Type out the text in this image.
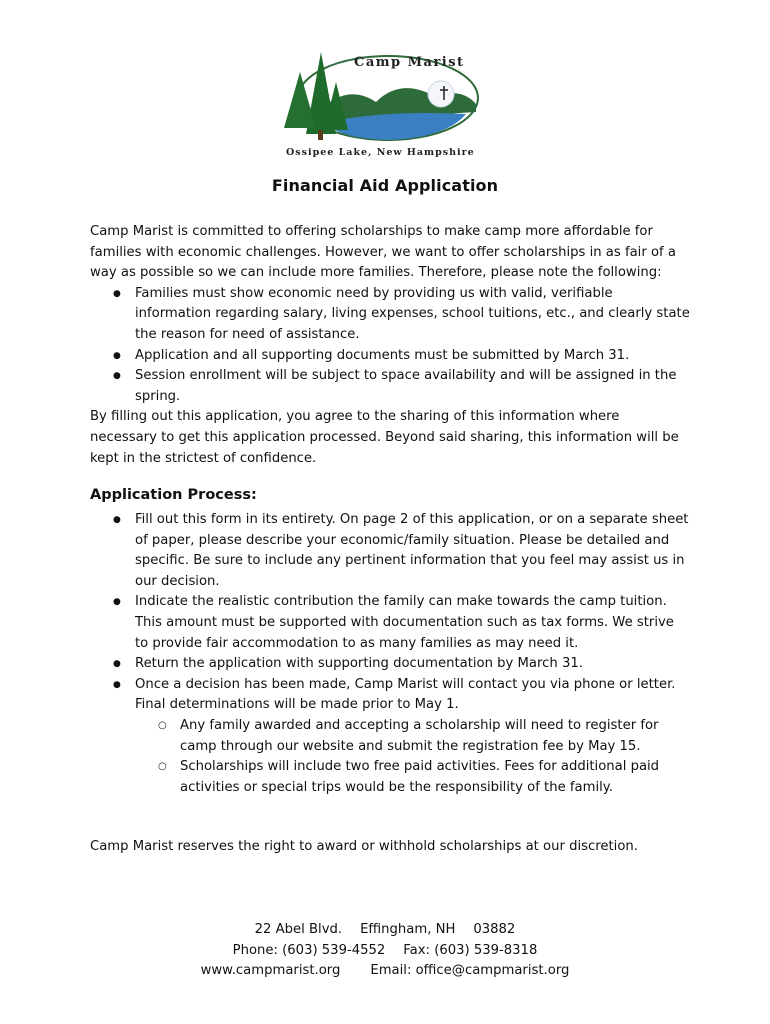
Camp Marist
Ossipee Lake, New Hampshire
Financial Aid Application
Camp Marist is committed to offering scholarships to make camp more affordable for families with economic challenges. However, we want to offer scholarships in as fair of a way as possible so we can include more families. Therefore, please note the following:
● Families must show economic need by providing us with valid, verifiable information regarding salary, living expenses, school tuitions, etc., and clearly state the reason for need of assistance.
● Application and all supporting documents must be submitted by March 31.
● Session enrollment will be subject to space availability and will be assigned in the spring.
By filling out this application, you agree to the sharing of this information where necessary to get this application processed. Beyond said sharing, this information will be kept in the strictest of confidence.
Application Process:
● Fill out this form in its entirety. On page 2 of this application, or on a separate sheet of paper, please describe your economic/family situation. Please be detailed and specific. Be sure to include any pertinent information that you feel may assist us in our decision.
● Indicate the realistic contribution the family can make towards the camp tuition. This amount must be supported with documentation such as tax forms. We strive to provide fair accommodation to as many families as may need it.
● Return the application with supporting documentation by March 31.
● Once a decision has been made, Camp Marist will contact you via phone or letter. Final determinations will be made prior to May 1.
○ Any family awarded and accepting a scholarship will need to register for camp through our website and submit the registration fee by May 15.
○ Scholarships will include two free paid activities. Fees for additional paid activities or special trips would be the responsibility of the family.
Camp Marist reserves the right to award or withhold scholarships at our discretion.
22 Abel Blvd. Effingham, NH 03882
Phone: (603) 539-4552 Fax: (603) 539-8318
www.campmarist.org Email: office@campmarist.org
